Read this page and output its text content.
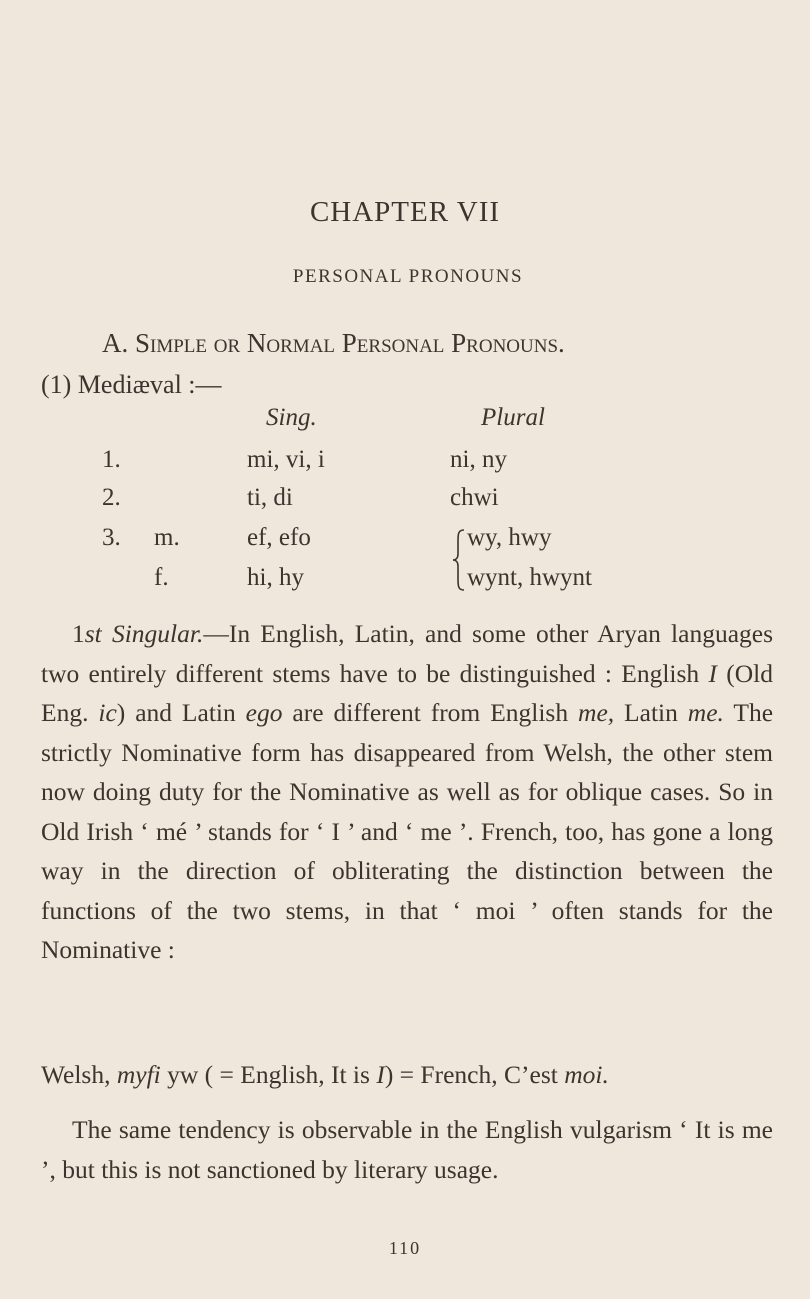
CHAPTER VII
PERSONAL PRONOUNS
A. Simple or Normal Personal Pronouns.
(1) Mediæval :—
Sing.	Plural
1.	mi, vi, i	ni, ny
2.	ti, di	chwi
3. m.	ef, efo	wy, hwy
f.	hi, hy	wynt, hwynt

1st Singular.—In English, Latin, and some other Aryan languages two entirely different stems have to be distinguished : English I (Old Eng. ic) and Latin ego are different from English me, Latin me. The strictly Nominative form has disappeared from Welsh, the other stem now doing duty for the Nominative as well as for oblique cases. So in Old Irish ‘ mé ’ stands for ‘ I ’ and ‘ me ’. French, too, has gone a long way in the direction of obliterating the distinction between the functions of the two stems, in that ‘ moi ’ often stands for the Nominative :

Welsh, myfi yw ( = English, It is I) = French, C’est moi.

The same tendency is observable in the English vulgarism ‘ It is me ’, but this is not sanctioned by literary usage.

110
